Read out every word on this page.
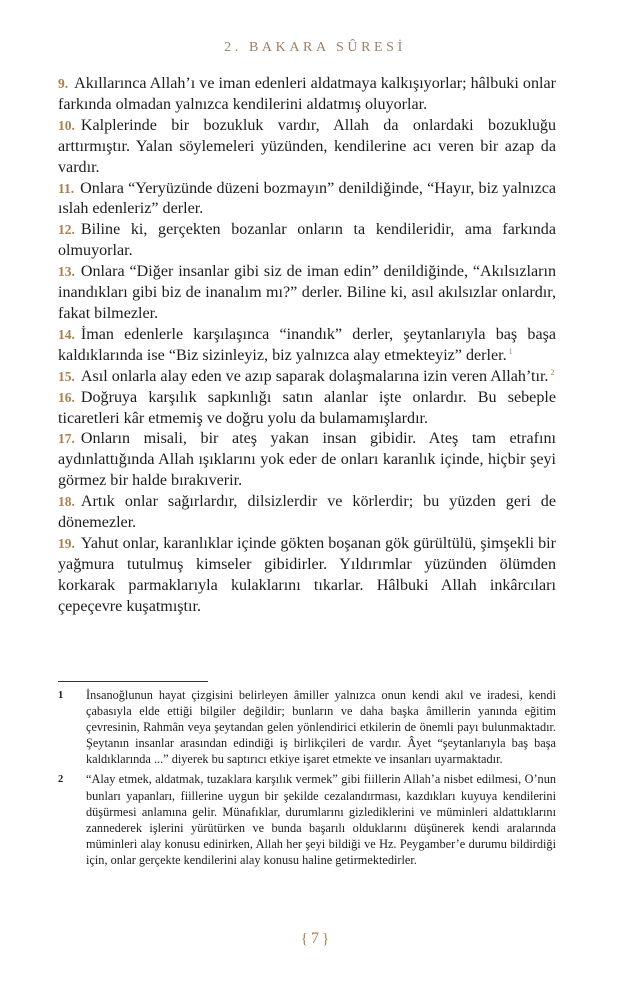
2. BAKARA SÛRESİ

9. Akıllarınca Allah’ı ve iman edenleri aldatmaya kalkışıyorlar; hâlbuki onlar farkında olmadan yalnızca kendilerini aldatmış oluyorlar.

10. Kalplerinde bir bozukluk vardır, Allah da onlardaki bozukluğu arttırmıştır. Yalan söylemeleri yüzünden, kendilerine acı veren bir azap da vardır.

11. Onlara “Yeryüzünde düzeni bozmayın” denildiğinde, “Hayır, biz yalnızca ıslah edenleriz” derler.

12. Biline ki, gerçekten bozanlar onların ta kendileridir, ama farkında olmuyorlar.

13. Onlara “Diğer insanlar gibi siz de iman edin” denildiğinde, “Akılsızların inandıkları gibi biz de inanalım mı?” derler. Biline ki, asıl akılsızlar onlardır, fakat bilmezler.

14. İman edenlerle karşılaşınca “inandık” derler, şeytanlarıyla baş başa kaldıklarında ise “Biz sizinleyiz, biz yalnızca alay etmekteyiz” derler. $^1$

15. Asıl onlarla alay eden ve azıp saparak dolaşmalarına izin veren Allah’tır. $^2$

16. Doğruya karşılık sapkınlığı satın alanlar işte onlardır. Bu sebeple ticaretleri kâr etmemiş ve doğru yolu da bulamamışlardır.

17. Onların misali, bir ateş yakan insan gibidir. Ateş tam etrafını aydınlattığında Allah ışıklarını yok eder de onları karanlık içinde, hiçbir şeyi görmez bir halde bırakıverir.

18. Artık onlar sağırlardır, dilsizlerdir ve körlerdir; bu yüzden geri de dönemezler.

19. Yahut onlar, karanlıklar içinde gökten boşanan gök gürültülü, şimşekli bir yağmura tutulmuş kimseler gibidirler. Yıldırımlar yüzünden ölümden korkarak parmaklarıyla kulaklarını tıkarlar. Hâlbuki Allah inkârcıları çepeçevre kuşatmıştır.

1	İnsanoğlunun hayat çizgisini belirleyen âmiller yalnızca onun kendi akıl ve iradesi, kendi çabasıyla elde ettiği bilgiler değildir; bunların ve daha başka âmillerin yanında eğitim çevresinin, Rahmân veya şeytandan gelen yönlendirici etkilerin de önemli payı bulunmaktadır. Şeytanın insanlar arasından edindiği iş birlikçileri de vardır. Âyet “şeytanlarıyla baş başa kaldıklarında ...” diyerek bu saptırıcı etkiye işaret etmekte ve insanları uyarmaktadır.
2	“Alay etmek, aldatmak, tuzaklara karşılık vermek” gibi fiillerin Allah’a nisbet edilmesi, O’nun bunları yapanları, fiillerine uygun bir şekilde cezalandırması, kazdıkları kuyuya kendilerini düşürmesi anlamına gelir. Münafıklar, durumlarını gizlediklerini ve müminleri aldattıklarını zannederek işlerini yürütürken ve bunda başarılı olduklarını düşünerek kendi aralarında müminleri alay konusu edinirken, Allah her şeyi bildiği ve Hz. Peygamber’e durumu bildirdiği için, onlar gerçekte kendilerini alay konusu haline getirmektedirler.
{ 7 }
